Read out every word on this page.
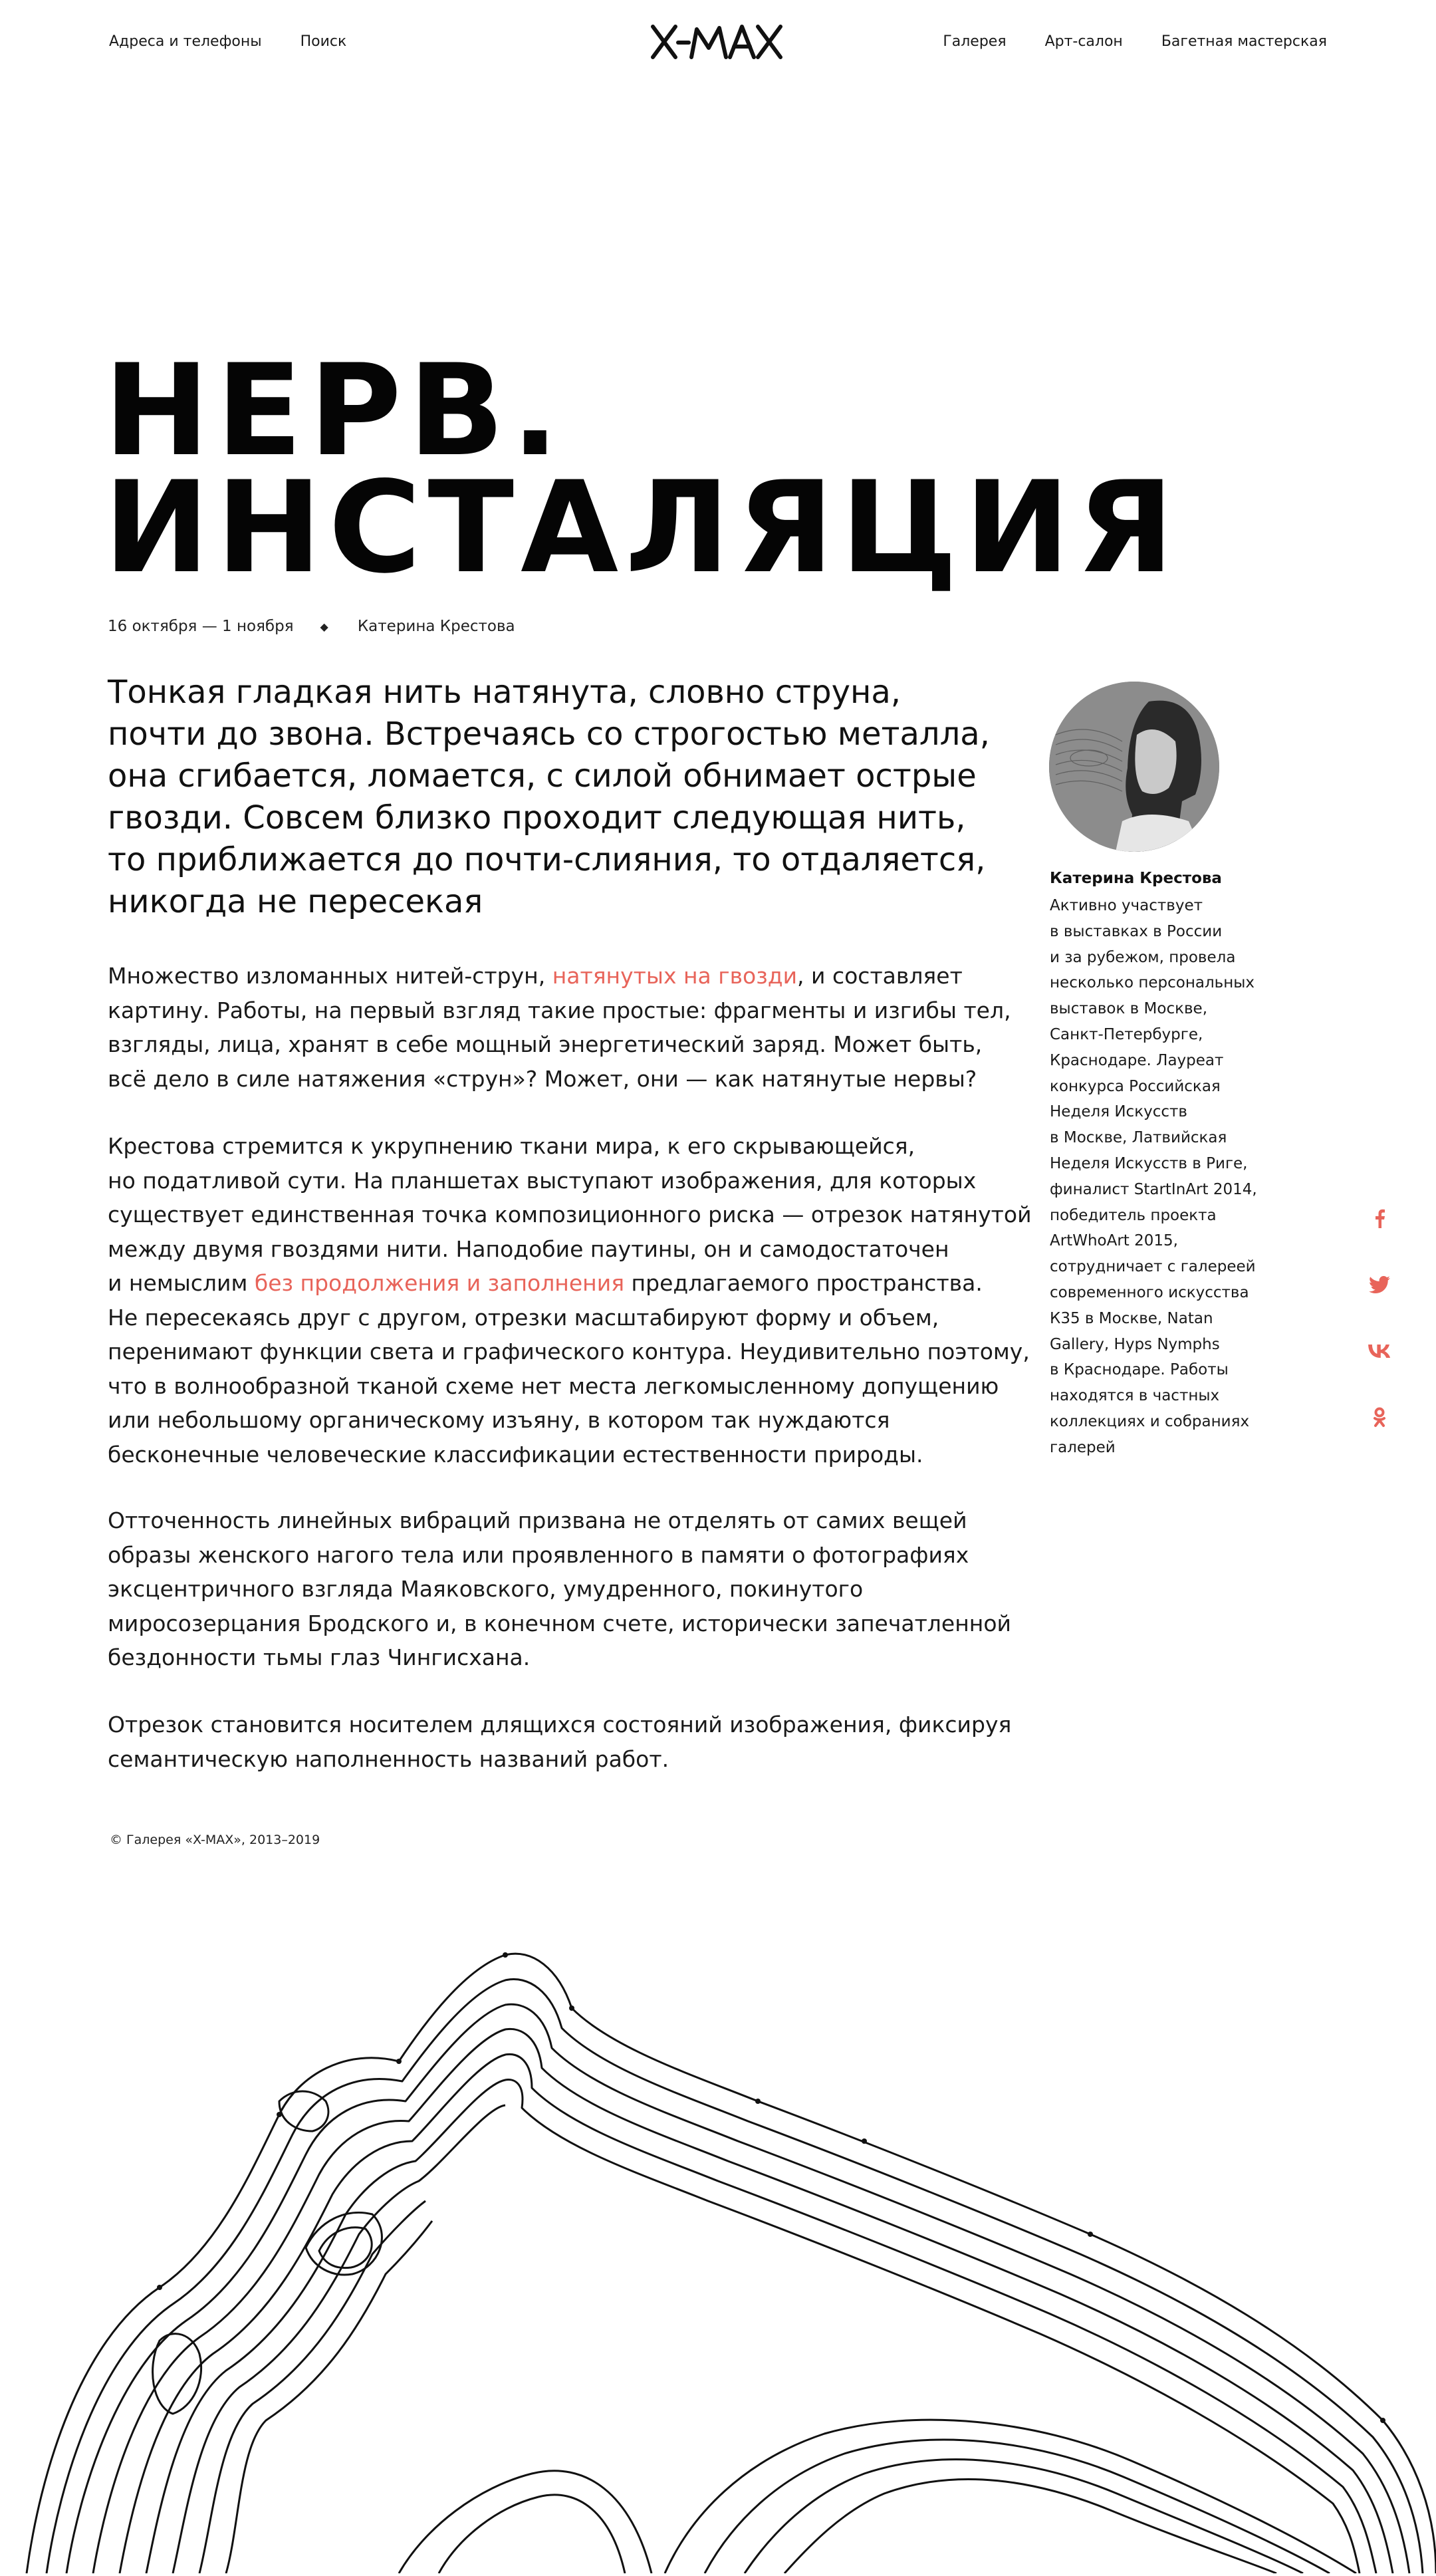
Адреса и телефоны	Поиск	Галерея	Арт-салон	Багетная мастерская
НЕРВ.
ИНСТАЛЯЦИЯ
16 октября — 1 ноября	◆ Катерина Крестова
Тонкая гладкая нить натянута, словно струна,
почти до звона. Встречаясь со строгостью металла,
она сгибается, ломается, с силой обнимает острые
гвозди. Совсем близко проходит следующая нить,
то приближается до почти-слияния, то отдаляется,
никогда не пересекая
Множество изломанных нитей-струн, натянутых на гвозди, и составляет
картину. Работы, на первый взгляд такие простые: фрагменты и изгибы тел,
взгляды, лица, хранят в себе мощный энергетический заряд. Может быть,
всё дело в силе натяжения «струн»? Может, они — как натянутые нервы?
Крестова стремится к укрупнению ткани мира, к его скрывающейся,
но податливой сути. На планшетах выступают изображения, для которых
существует единственная точка композиционного риска — отрезок натянутой
между двумя гвоздями нити. Наподобие паутины, он и самодостаточен
и немыслим без продолжения и заполнения предлагаемого пространства.
Не пересекаясь друг с другом, отрезки масштабируют форму и объем,
перенимают функции света и графического контура. Неудивительно поэтому,
что в волнообразной тканой схеме нет места легкомысленному допущению
или небольшому органическому изъяну, в котором так нуждаются
бесконечные человеческие классификации естественности природы.
Отточенность линейных вибраций призвана не отделять от самих вещей
образы женского нагого тела или проявленного в памяти о фотографиях
эксцентричного взгляда Маяковского, умудренного, покинутого
миросозерцания Бродского и, в конечном счете, исторически запечатленной
бездонности тьмы глаз Чингисхана.
Отрезок становится носителем длящихся состояний изображения, фиксируя
семантическую наполненность названий работ.
Катерина Крестова
Активно участвует
в выставках в России
и за рубежом, провела
несколько персональных
выставок в Москве,
Санкт-Петербурге,
Краснодаре. Лауреат
конкурса Российская
Неделя Искусств
в Москве, Латвийская
Неделя Искусств в Риге,
финалист StartInArt 2014,
победитель проекта
ArtWhoArt 2015,
сотрудничает с галереей
современного искусства
К35 в Москве, Natan
Gallery, Hyps Nymphs
в Краснодаре. Работы
находятся в частных
коллекциях и собраниях
галерей
© Галерея «X-MAX», 2013–2019
